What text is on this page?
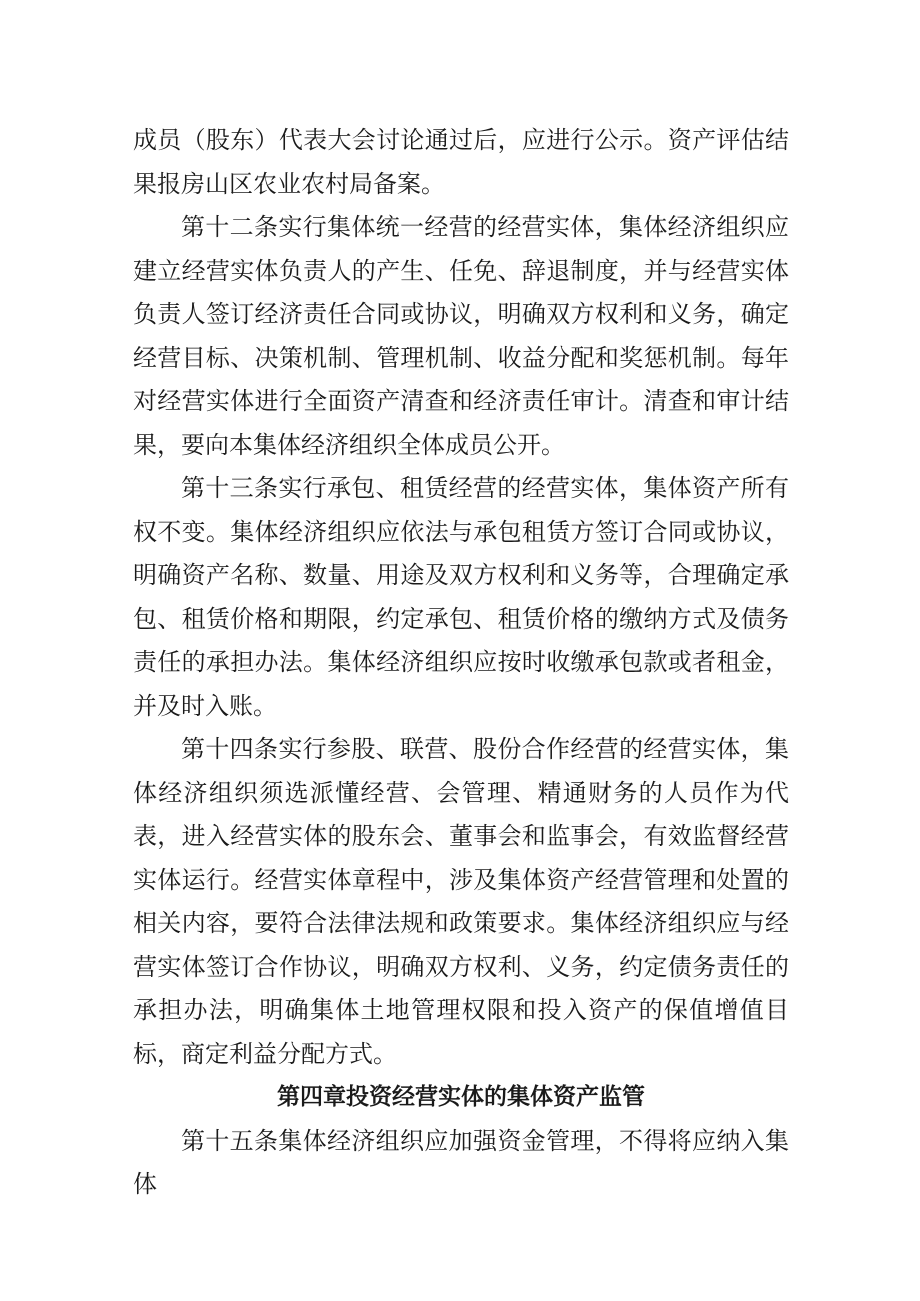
成员（股东）代表大会讨论通过后，应进行公示。资产评估结果报房山区农业农村局备案。

第十二条实行集体统一经营的经营实体，集体经济组织应建立经营实体负责人的产生、任免、辞退制度，并与经营实体负责人签订经济责任合同或协议，明确双方权利和义务，确定经营目标、决策机制、管理机制、收益分配和奖惩机制。每年对经营实体进行全面资产清查和经济责任审计。清查和审计结果，要向本集体经济组织全体成员公开。

第十三条实行承包、租赁经营的经营实体，集体资产所有权不变。集体经济组织应依法与承包租赁方签订合同或协议，明确资产名称、数量、用途及双方权利和义务等，合理确定承包、租赁价格和期限，约定承包、租赁价格的缴纳方式及债务责任的承担办法。集体经济组织应按时收缴承包款或者租金，并及时入账。

第十四条实行参股、联营、股份合作经营的经营实体，集体经济组织须选派懂经营、会管理、精通财务的人员作为代表，进入经营实体的股东会、董事会和监事会，有效监督经营实体运行。经营实体章程中，涉及集体资产经营管理和处置的相关内容，要符合法律法规和政策要求。集体经济组织应与经营实体签订合作协议，明确双方权利、义务，约定债务责任的承担办法，明确集体土地管理权限和投入资产的保值增值目标，商定利益分配方式。

第四章投资经营实体的集体资产监管

第十五条集体经济组织应加强资金管理，不得将应纳入集体
